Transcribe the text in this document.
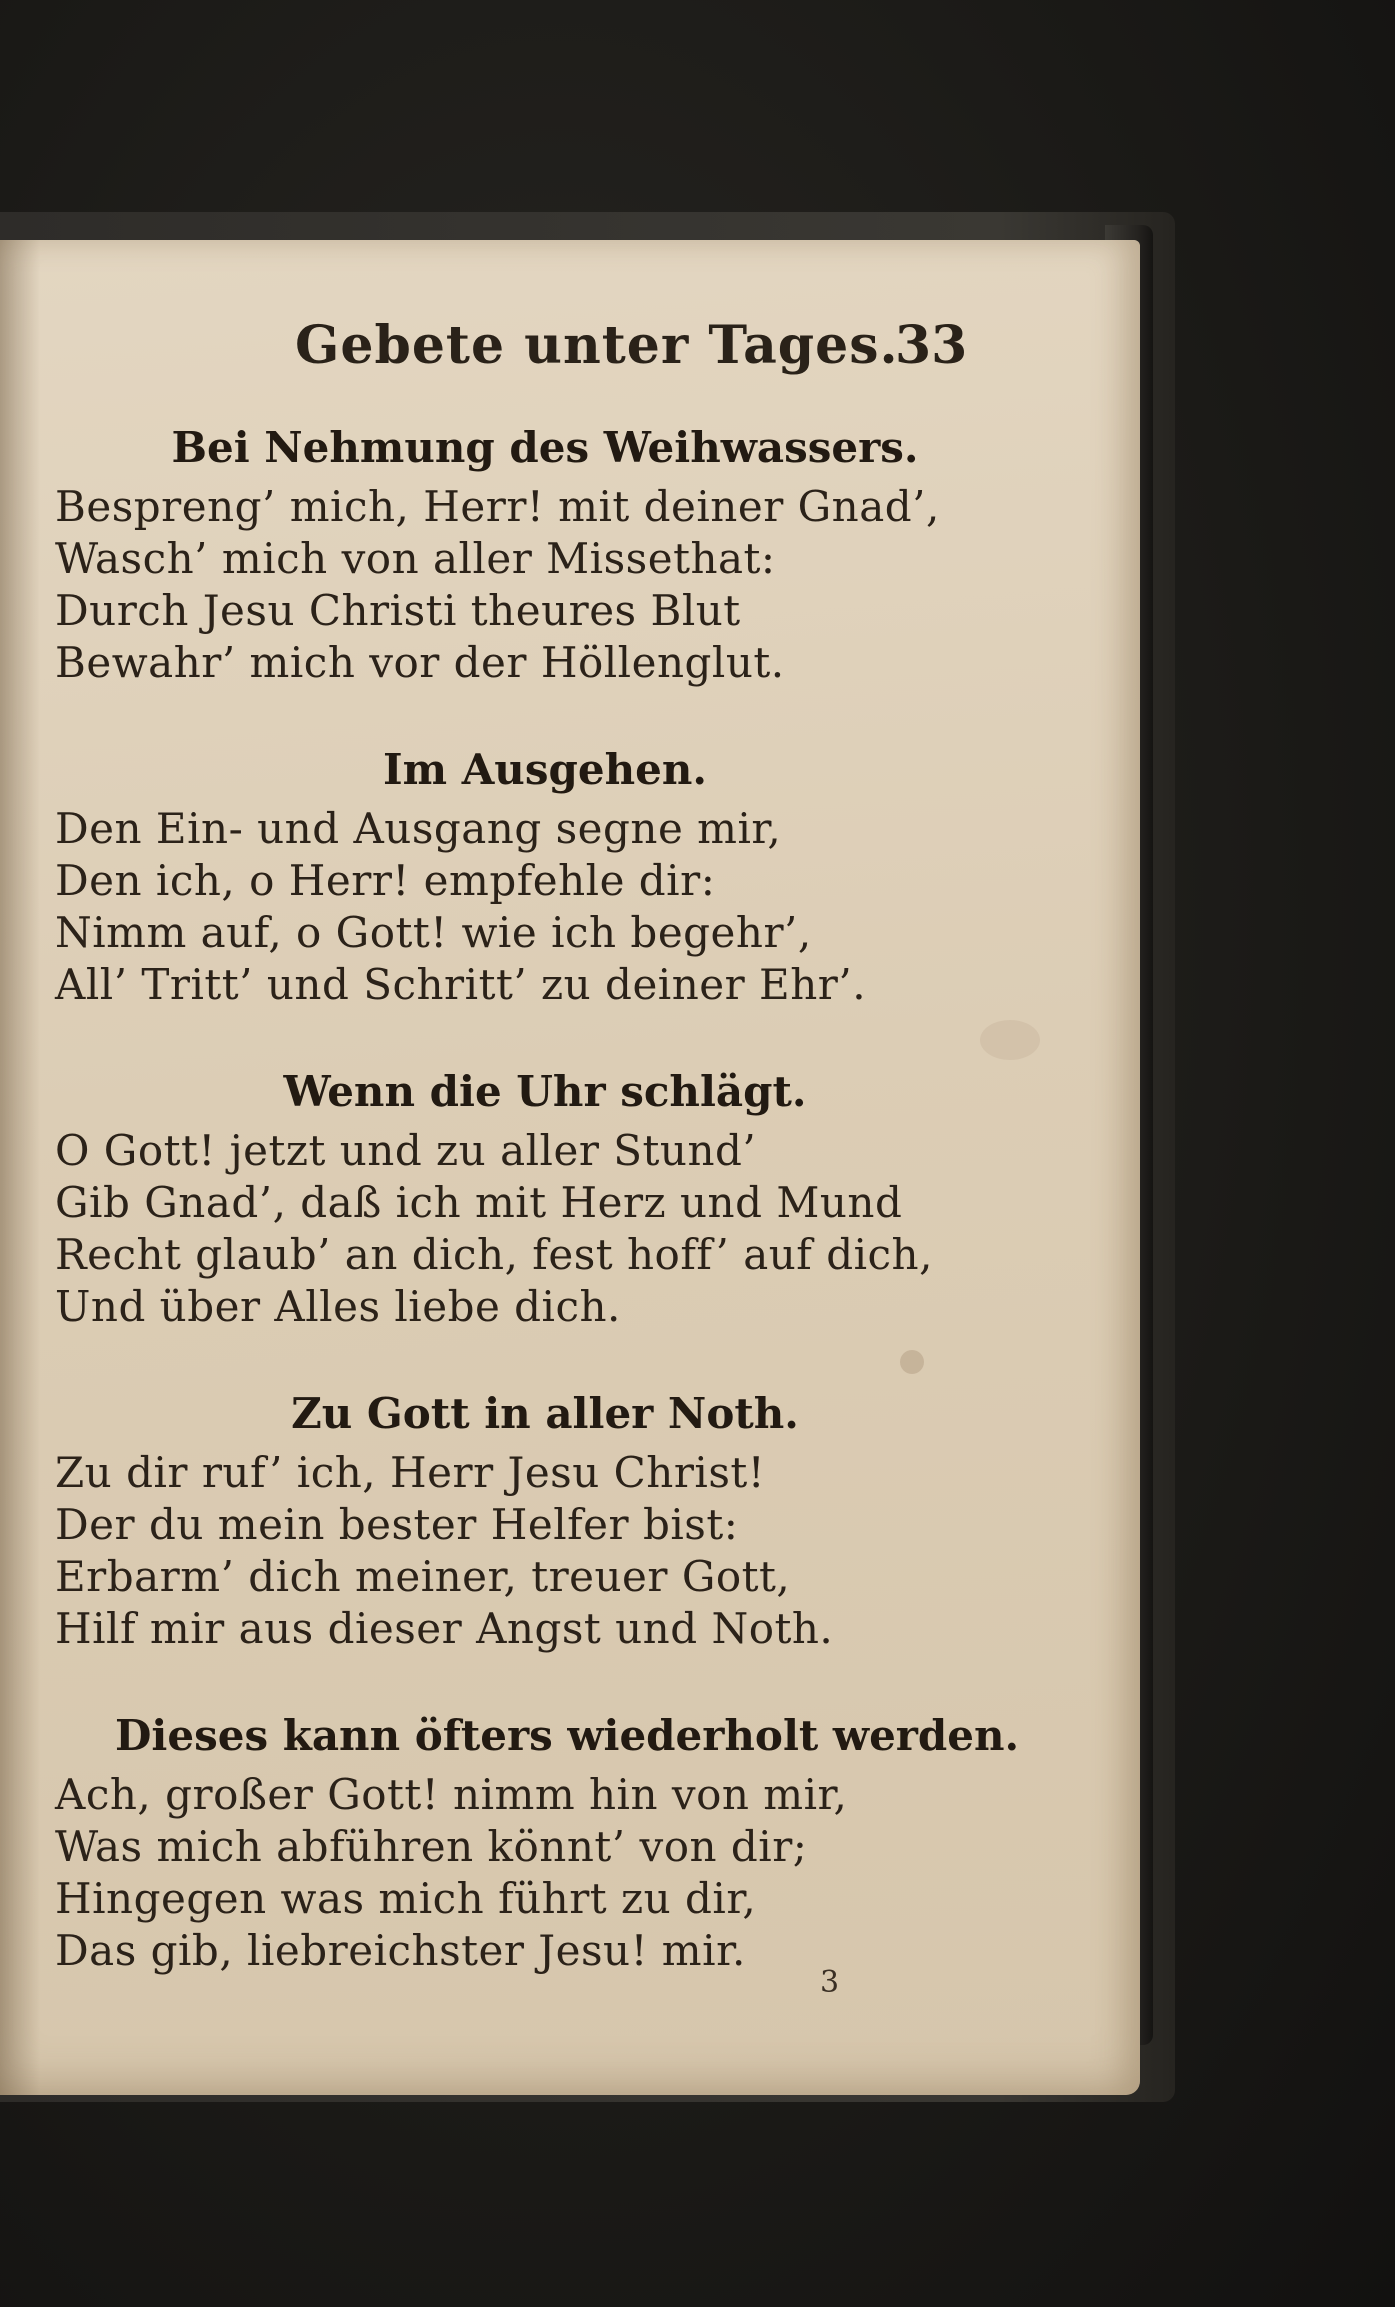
Gebete unter Tages.
33

Bei Nehmung des Weihwassers.

Besprеng’ mich, Herr! mit deiner Gnad’,

Wasch’ mich von aller Missethat:

Durch Jesu Christi theures Blut

Bewahr’ mich vor der Höllenglut.

Im Ausgehen.

Den Ein- und Ausgang segne mir,

Den ich, o Herr! empfehle dir:

Nimm auf, o Gott! wie ich begehr’,

All’ Tritt’ und Schritt’ zu deiner Ehr’.

Wenn die Uhr schlägt.

O Gott! jetzt und zu aller Stund’

Gib Gnad’, daß ich mit Herz und Mund

Recht glaub’ an dich, fest hoff’ auf dich,

Und über Alles liebe dich.

Zu Gott in aller Noth.

Zu dir ruf’ ich, Herr Jesu Christ!

Der du mein bester Helfer bist:

Erbarm’ dich meiner, treuer Gott,

Hilf mir aus dieser Angst und Noth.

Dieses kann öfters wiederholt werden.

Ach, großer Gott! nimm hin von mir,

Was mich abführen könnt’ von dir;

Hingegen was mich führt zu dir,

Das gib, liebreichster Jesu! mir.

3
